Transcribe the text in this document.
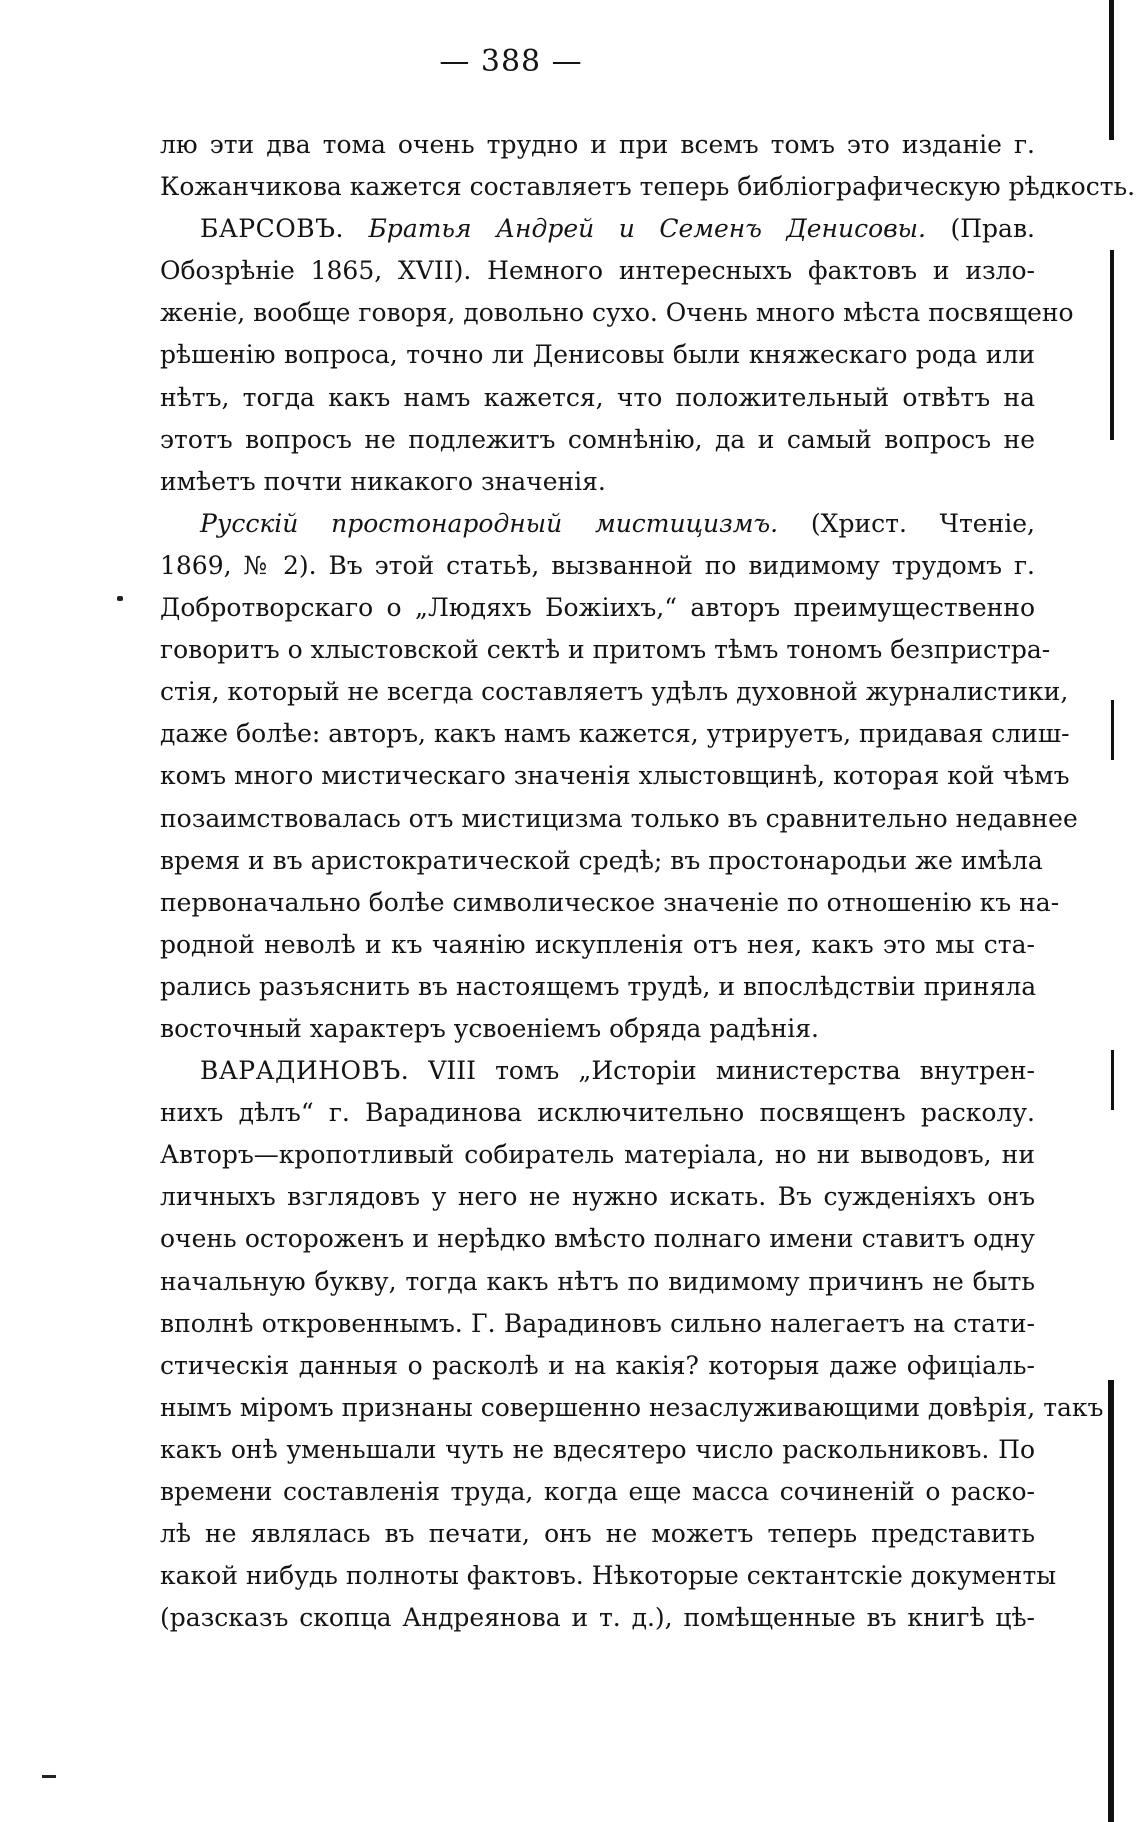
— 388 —
лю эти два тома очень трудно и при всемъ томъ это изданіе г.
Кожанчикова кажется составляетъ теперь библіографическую рѣдкость.
БАРСОВЪ. Братья Андрей и Семенъ Денисовы. (Прав.
Обозрѣніе 1865, XVII). Немного интересныхъ фактовъ и изло-
женіе, вообще говоря, довольно сухо. Очень много мѣста посвящено
рѣшенію вопроса, точно ли Денисовы были княжескаго рода или
нѣтъ, тогда какъ намъ кажется, что положительный отвѣтъ на
этотъ вопросъ не подлежитъ сомнѣнію, да и самый вопросъ не
имѣетъ почти никакого значенія.
Русскій простонародный мистицизмъ. (Христ. Чтеніе,
1869, № 2). Въ этой статьѣ, вызванной по видимому трудомъ г.
Добротворскаго о „Людяхъ Божіихъ,“ авторъ преимущественно
говоритъ о хлыстовской сектѣ и притомъ тѣмъ тономъ безпристра-
стія, который не всегда составляетъ удѣлъ духовной журналистики,
даже болѣе: авторъ, какъ намъ кажется, утрируетъ, придавая слиш-
комъ много мистическаго значенія хлыстовщинѣ, которая кой чѣмъ
позаимствовалась отъ мистицизма только въ сравнительно недавнее
время и въ аристократической средѣ; въ простонародьи же имѣла
первоначально болѣе символическое значеніе по отношенію къ на-
родной неволѣ и къ чаянію искупленія отъ нея, какъ это мы ста-
рались разъяснить въ настоящемъ трудѣ, и впослѣдствіи приняла
восточный характеръ усвоеніемъ обряда радѣнія.
ВАРАДИНОВЪ. VIII томъ „Исторіи министерства внутрен-
нихъ дѣлъ“ г. Варадинова исключительно посвященъ расколу.
Авторъ—кропотливый собиратель матеріала, но ни выводовъ, ни
личныхъ взглядовъ у него не нужно искать. Въ сужденіяхъ онъ
очень остороженъ и нерѣдко вмѣсто полнаго имени ставитъ одну
начальную букву, тогда какъ нѣтъ по видимому причинъ не быть
вполнѣ откровеннымъ. Г. Варадиновъ сильно налегаетъ на стати-
стическія данныя о расколѣ и на какія? которыя даже офиціаль-
нымъ міромъ признаны совершенно незаслуживающими довѣрія, такъ
какъ онѣ уменьшали чуть не вдесятеро число раскольниковъ. По
времени составленія труда, когда еще масса сочиненій о раско-
лѣ не являлась въ печати, онъ не можетъ теперь представить
какой нибудь полноты фактовъ. Нѣкоторые сектантскіе документы
(разсказъ скопца Андреянова и т. д.), помѣщенные въ книгѣ цѣ-
